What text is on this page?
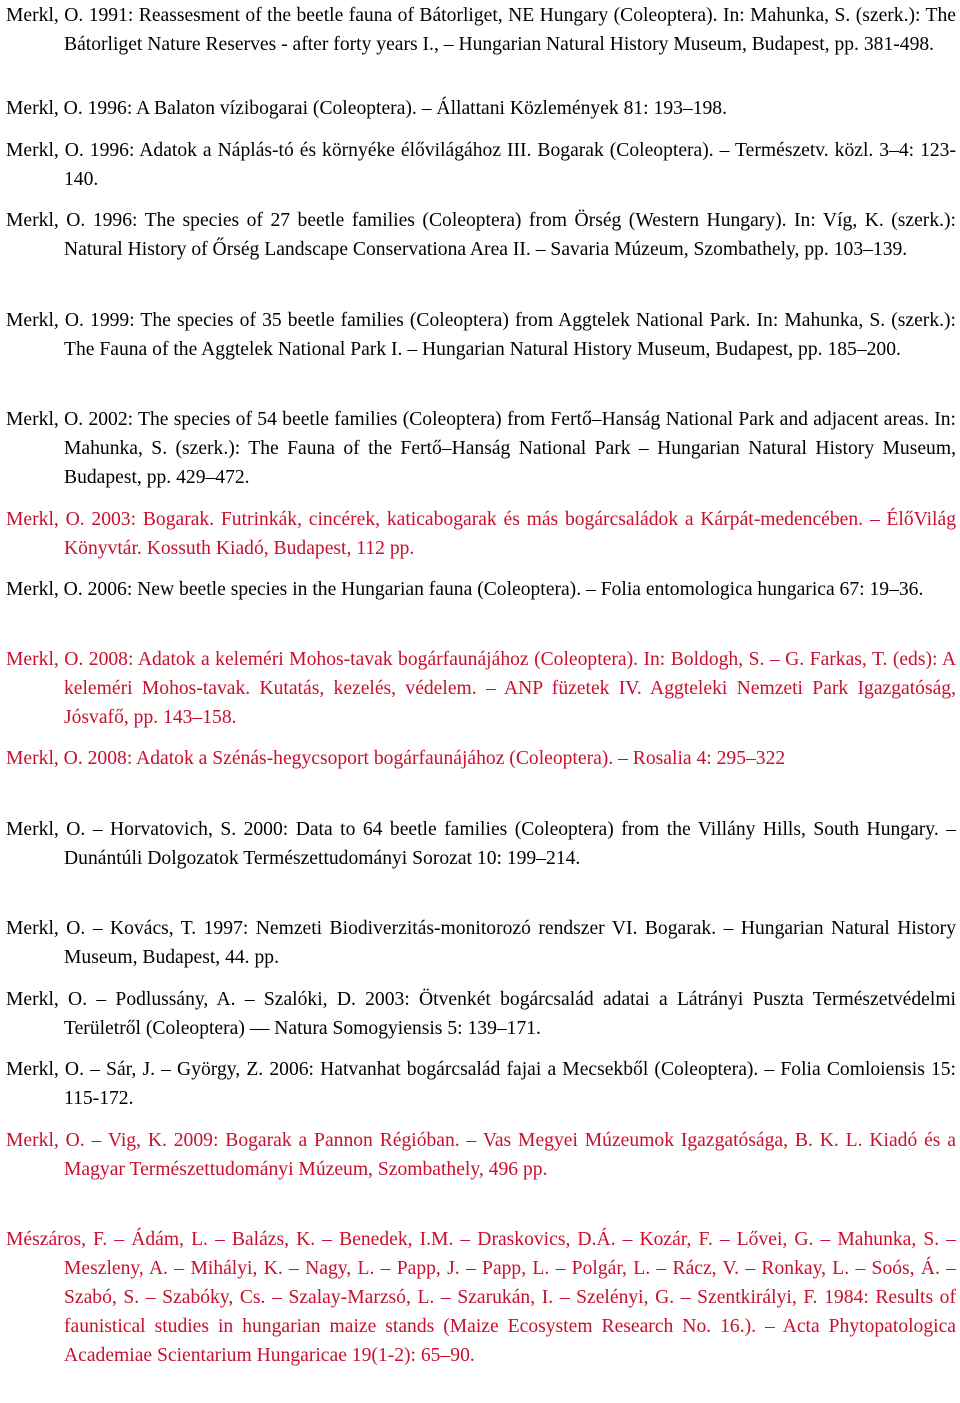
Merkl, O. 1991: Reassesment of the beetle fauna of Bátorliget, NE Hungary (Coleoptera). In: Mahunka, S. (szerk.): The Bátorliget Nature Reserves - after forty years I., – Hungarian Natural History Museum, Budapest, pp. 381-498.

Merkl, O. 1996: A Balaton vízibogarai (Coleoptera). – Állattani Közlemények 81: 193–198.

Merkl, O. 1996: Adatok a Náplás-tó és környéke élővilágához III. Bogarak (Coleoptera). – Természetv. közl. 3–4: 123-140.

Merkl, O. 1996: The species of 27 beetle families (Coleoptera) from Örség (Western Hungary). In: Víg, K. (szerk.): Natural History of Őrség Landscape Conservationa Area II. – Savaria Múzeum, Szombathely, pp. 103–139.

Merkl, O. 1999: The species of 35 beetle families (Coleoptera) from Aggtelek National Park. In: Mahunka, S. (szerk.): The Fauna of the Aggtelek National Park I. – Hungarian Natural History Museum, Budapest, pp. 185–200.

Merkl, O. 2002: The species of 54 beetle families (Coleoptera) from Fertő–Hanság National Park and adjacent areas. In: Mahunka, S. (szerk.): The Fauna of the Fertő–Hanság National Park – Hungarian Natural History Museum, Budapest, pp. 429–472.

Merkl, O. 2003: Bogarak. Futrinkák, cincérek, katicabogarak és más bogárcsaládok a Kárpát-medencében. – ÉlőVilág Könyvtár. Kossuth Kiadó, Budapest, 112 pp.

Merkl, O. 2006: New beetle species in the Hungarian fauna (Coleoptera). – Folia entomologica hungarica 67: 19–36.

Merkl, O. 2008: Adatok a keleméri Mohos-tavak bogárfaunájához (Coleoptera). In: Boldogh, S. – G. Farkas, T. (eds): A keleméri Mohos-tavak. Kutatás, kezelés, védelem. – ANP füzetek IV. Aggteleki Nemzeti Park Igazgatóság, Jósvafő, pp. 143–158.

Merkl, O. 2008: Adatok a Szénás-hegycsoport bogárfaunájához (Coleoptera). – Rosalia 4: 295–322

Merkl, O. – Horvatovich, S. 2000: Data to 64 beetle families (Coleoptera) from the Villány Hills, South Hungary. – Dunántúli Dolgozatok Természettudományi Sorozat 10: 199–214.

Merkl, O. – Kovács, T. 1997: Nemzeti Biodiverzitás-monitorozó rendszer VI. Bogarak. – Hungarian Natural History Museum, Budapest, 44. pp.

Merkl, O. – Podlussány, A. – Szalóki, D. 2003: Ötvenkét bogárcsalád adatai a Látrányi Puszta Természetvédelmi Területről (Coleoptera) –– Natura Somogyiensis 5: 139–171.

Merkl, O. – Sár, J. – György, Z. 2006: Hatvanhat bogárcsalád fajai a Mecsekből (Coleoptera). – Folia Comloiensis 15: 115-172.

Merkl, O. – Vig, K. 2009: Bogarak a Pannon Régióban. – Vas Megyei Múzeumok Igazgatósága, B. K. L. Kiadó és a Magyar Természettudományi Múzeum, Szombathely, 496 pp.

Mészáros, F. – Ádám, L. – Balázs, K. – Benedek, I.M. – Draskovics, D.Á. – Kozár, F. – Lővei, G. – Mahunka, S. – Meszleny, A. – Mihályi, K. – Nagy, L. – Papp, J. – Papp, L. – Polgár, L. – Rácz, V. – Ronkay, L. – Soós, Á. – Szabó, S. – Szabóky, Cs. – Szalay-Marzsó, L. – Szarukán, I. – Szelényi, G. – Szentkirályi, F. 1984: Results of faunistical studies in hungarian maize stands (Maize Ecosystem Research No. 16.). – Acta Phytopatologica Academiae Scientarium Hungaricae 19(1-2): 65–90.
